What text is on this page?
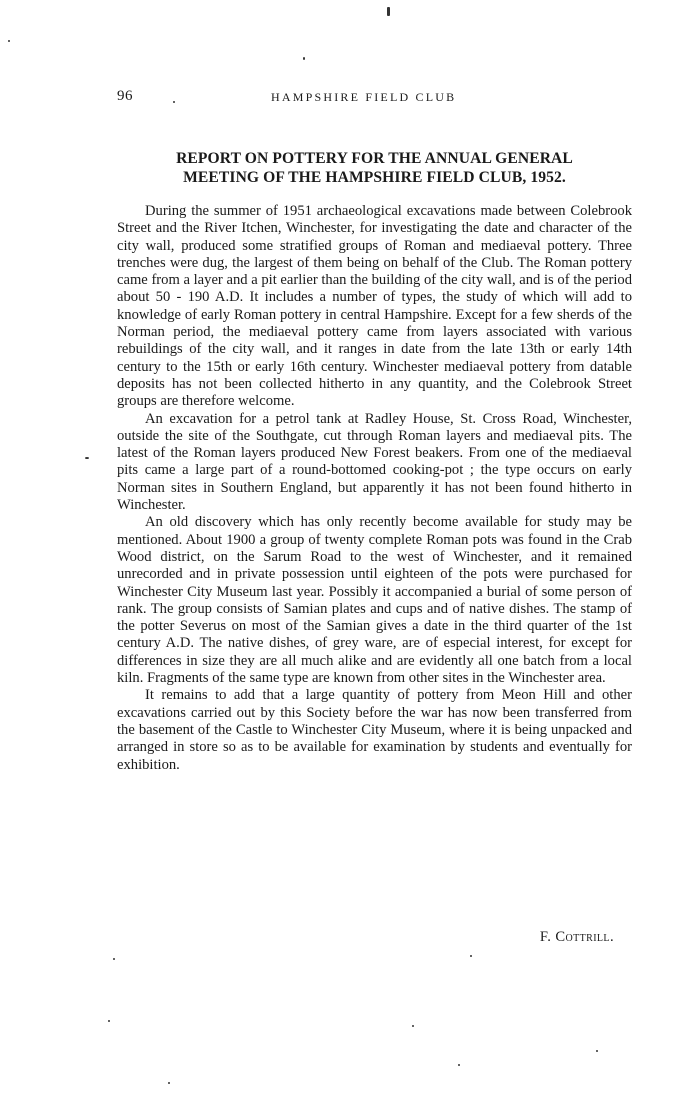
96	HAMPSHIRE FIELD CLUB
REPORT ON POTTERY FOR THE ANNUAL GENERAL
MEETING OF THE HAMPSHIRE FIELD CLUB, 1952.

During the summer of 1951 archaeological excavations made between Colebrook Street and the River Itchen, Winchester, for investigating the date and character of the city wall, produced some stratified groups of Roman and mediaeval pottery. Three trenches were dug, the largest of them being on behalf of the Club. The Roman pottery came from a layer and a pit earlier than the building of the city wall, and is of the period about 50 - 190 A.D. It includes a number of types, the study of which will add to knowledge of early Roman pottery in central Hampshire. Except for a few sherds of the Norman period, the mediaeval pottery came from layers associated with various rebuildings of the city wall, and it ranges in date from the late 13th or early 14th century to the 15th or early 16th century. Winchester mediaeval pottery from datable deposits has not been collected hitherto in any quantity, and the Colebrook Street groups are therefore welcome.

An excavation for a petrol tank at Radley House, St. Cross Road, Winchester, outside the site of the Southgate, cut through Roman layers and mediaeval pits. The latest of the Roman layers produced New Forest beakers. From one of the mediaeval pits came a large part of a round-bottomed cooking-pot ; the type occurs on early Norman sites in Southern England, but apparently it has not been found hitherto in Winchester.

An old discovery which has only recently become available for study may be mentioned. About 1900 a group of twenty complete Roman pots was found in the Crab Wood district, on the Sarum Road to the west of Winchester, and it remained unrecorded and in private possession until eighteen of the pots were purchased for Winchester City Museum last year. Possibly it accompanied a burial of some person of rank. The group consists of Samian plates and cups and of native dishes. The stamp of the potter Severus on most of the Samian gives a date in the third quarter of the 1st century A.D. The native dishes, of grey ware, are of especial interest, for except for differences in size they are all much alike and are evidently all one batch from a local kiln. Fragments of the same type are known from other sites in the Winchester area.

It remains to add that a large quantity of pottery from Meon Hill and other excavations carried out by this Society before the war has now been transferred from the basement of the Castle to Winchester City Museum, where it is being unpacked and arranged in store so as to be available for examination by students and eventually for exhibition.

F. Cottrill.
